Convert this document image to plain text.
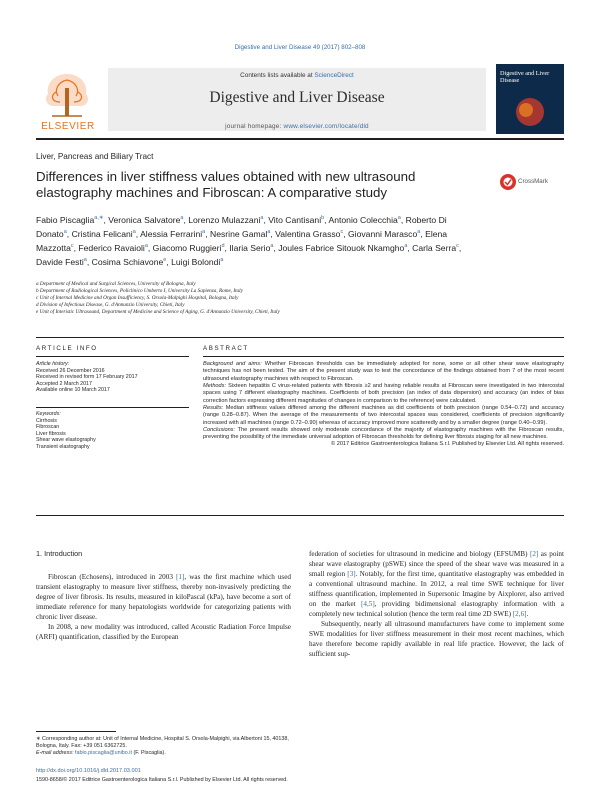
Digestive and Liver Disease 49 (2017) 802–808
ELSEVIER
Contents lists available at ScienceDirect
Digestive and Liver Disease
journal homepage: www.elsevier.com/locate/dld
Digestive and Liver Disease
Liver, Pancreas and Biliary Tract
Differences in liver stiffness values obtained with new ultrasound elastography machines and Fibroscan: A comparative study
CrossMark
Fabio Piscaglia$^{a,∗}$, Veronica Salvatore$^a$, Lorenzo Mulazzani$^a$, Vito Cantisani$^b$, Antonio Colecchia$^a$, Roberto Di Donato$^a$, Cristina Felicani$^a$, Alessia Ferrarini$^a$, Nesrine Gamal$^a$, Valentina Grasso$^c$, Giovanni Marasco$^a$, Elena Mazzotta$^c$, Federico Ravaioli$^a$, Giacomo Ruggieri$^d$, Ilaria Serio$^a$, Joules Fabrice Sitouok Nkamgho$^a$, Carla Serra$^c$, Davide Festi$^a$, Cosima Schiavone$^e$, Luigi Bolondi$^a$
a Department of Medical and Surgical Sciences, University of Bologna, Italy
b Department of Radiological Sciences, Policlinico Umberto I, University La Sapienza, Rome, Italy
c Unit of Internal Medicine and Organ Insufficiency, S. Orsola-Malpighi Hospital, Bologna, Italy
d Division of Infectious Disease, G. d'Annunzio University, Chieti, Italy
e Unit of Interistic Ultrasound, Department of Medicine and Science of Aging, G. d'Annunzio University, Chieti, Italy
ARTICLE INFO
Article history:
Received 26 December 2016
Received in revised form 17 February 2017
Accepted 2 March 2017
Available online 10 March 2017
Keywords:
Cirrhosis
Fibroscan
Liver fibrosis
Shear wave elastography
Transient elastography
ABSTRACT
Background and aims: Whether Fibroscan thresholds can be immediately adopted for none, some or all other shear wave elastography techniques has not been tested. The aim of the present study was to test the concordance of the findings obtained from 7 of the most recent ultrasound elastography machines with respect to Fibroscan.
Methods: Sixteen hepatitis C virus-related patients with fibrosis ≥2 and having reliable results at Fibroscan were investigated in two intercostal spaces using 7 different elastography machines. Coefficients of both precision (an index of data dispersion) and accuracy (an index of bias correction factors expressing different magnitudes of changes in comparison to the reference) were calculated.
Results: Median stiffness values differed among the different machines as did coefficients of both precision (range 0.54–0.72) and accuracy (range 0.28–0.87). When the average of the measurements of two intercostal spaces was considered, coefficients of precision significantly increased with all machines (range 0.72–0.90) whereas of accuracy improved more scatteredly and by a smaller degree (range 0.40–0.99).
Conclusions: The present results showed only moderate concordance of the majority of elastography machines with the Fibroscan results, preventing the possibility of the immediate universal adoption of Fibroscan thresholds for defining liver fibrosis staging for all new machines.
© 2017 Editrice Gastroenterologica Italiana S.r.l. Published by Elsevier Ltd. All rights reserved.
1. Introduction

Fibroscan (Echosens), introduced in 2003 [1], was the first machine which used transient elastography to measure liver stiffness, thereby non-invasively predicting the degree of liver fibrosis. Its results, measured in kiloPascal (kPa), have become a sort of immediate reference for many hepatologists worldwide for categorizing patients with chronic liver disease.

In 2008, a new modality was introduced, called Acoustic Radiation Force Impulse (ARFI) quantification, classified by the European

federation of societies for ultrasound in medicine and biology (EFSUMB) [2] as point shear wave elastography (pSWE) since the speed of the shear wave was measured in a small region [3]. Notably, for the first time, quantitative elastography was embedded in a conventional ultrasound machine. In 2012, a real time SWE technique for liver stiffness quantification, implemented in Supersonic Imagine by Aixplorer, also arrived on the market [4,5], providing bidimensional elastography information with a completely new technical solution (hence the term real time 2D SWE) [2,6].

Subsequently, nearly all ultrasound manufacturers have come to implement some SWE modalities for liver stiffness measurement in their most recent machines, which have therefore become rapidly available in real life practice. However, the lack of sufficient sup-

∗ Corresponding author at: Unit of Internal Medicine, Hospital S. Orsola-Malpighi, via Albertoni 15, 40138, Bologna, Italy. Fax: +39 051 6362725.
E-mail address: fabio.piscaglia@unibo.it (F. Piscaglia).
http://dx.doi.org/10.1016/j.dld.2017.03.001
1590-8658/© 2017 Editrice Gastroenterologica Italiana S.r.l. Published by Elsevier Ltd. All rights reserved.
